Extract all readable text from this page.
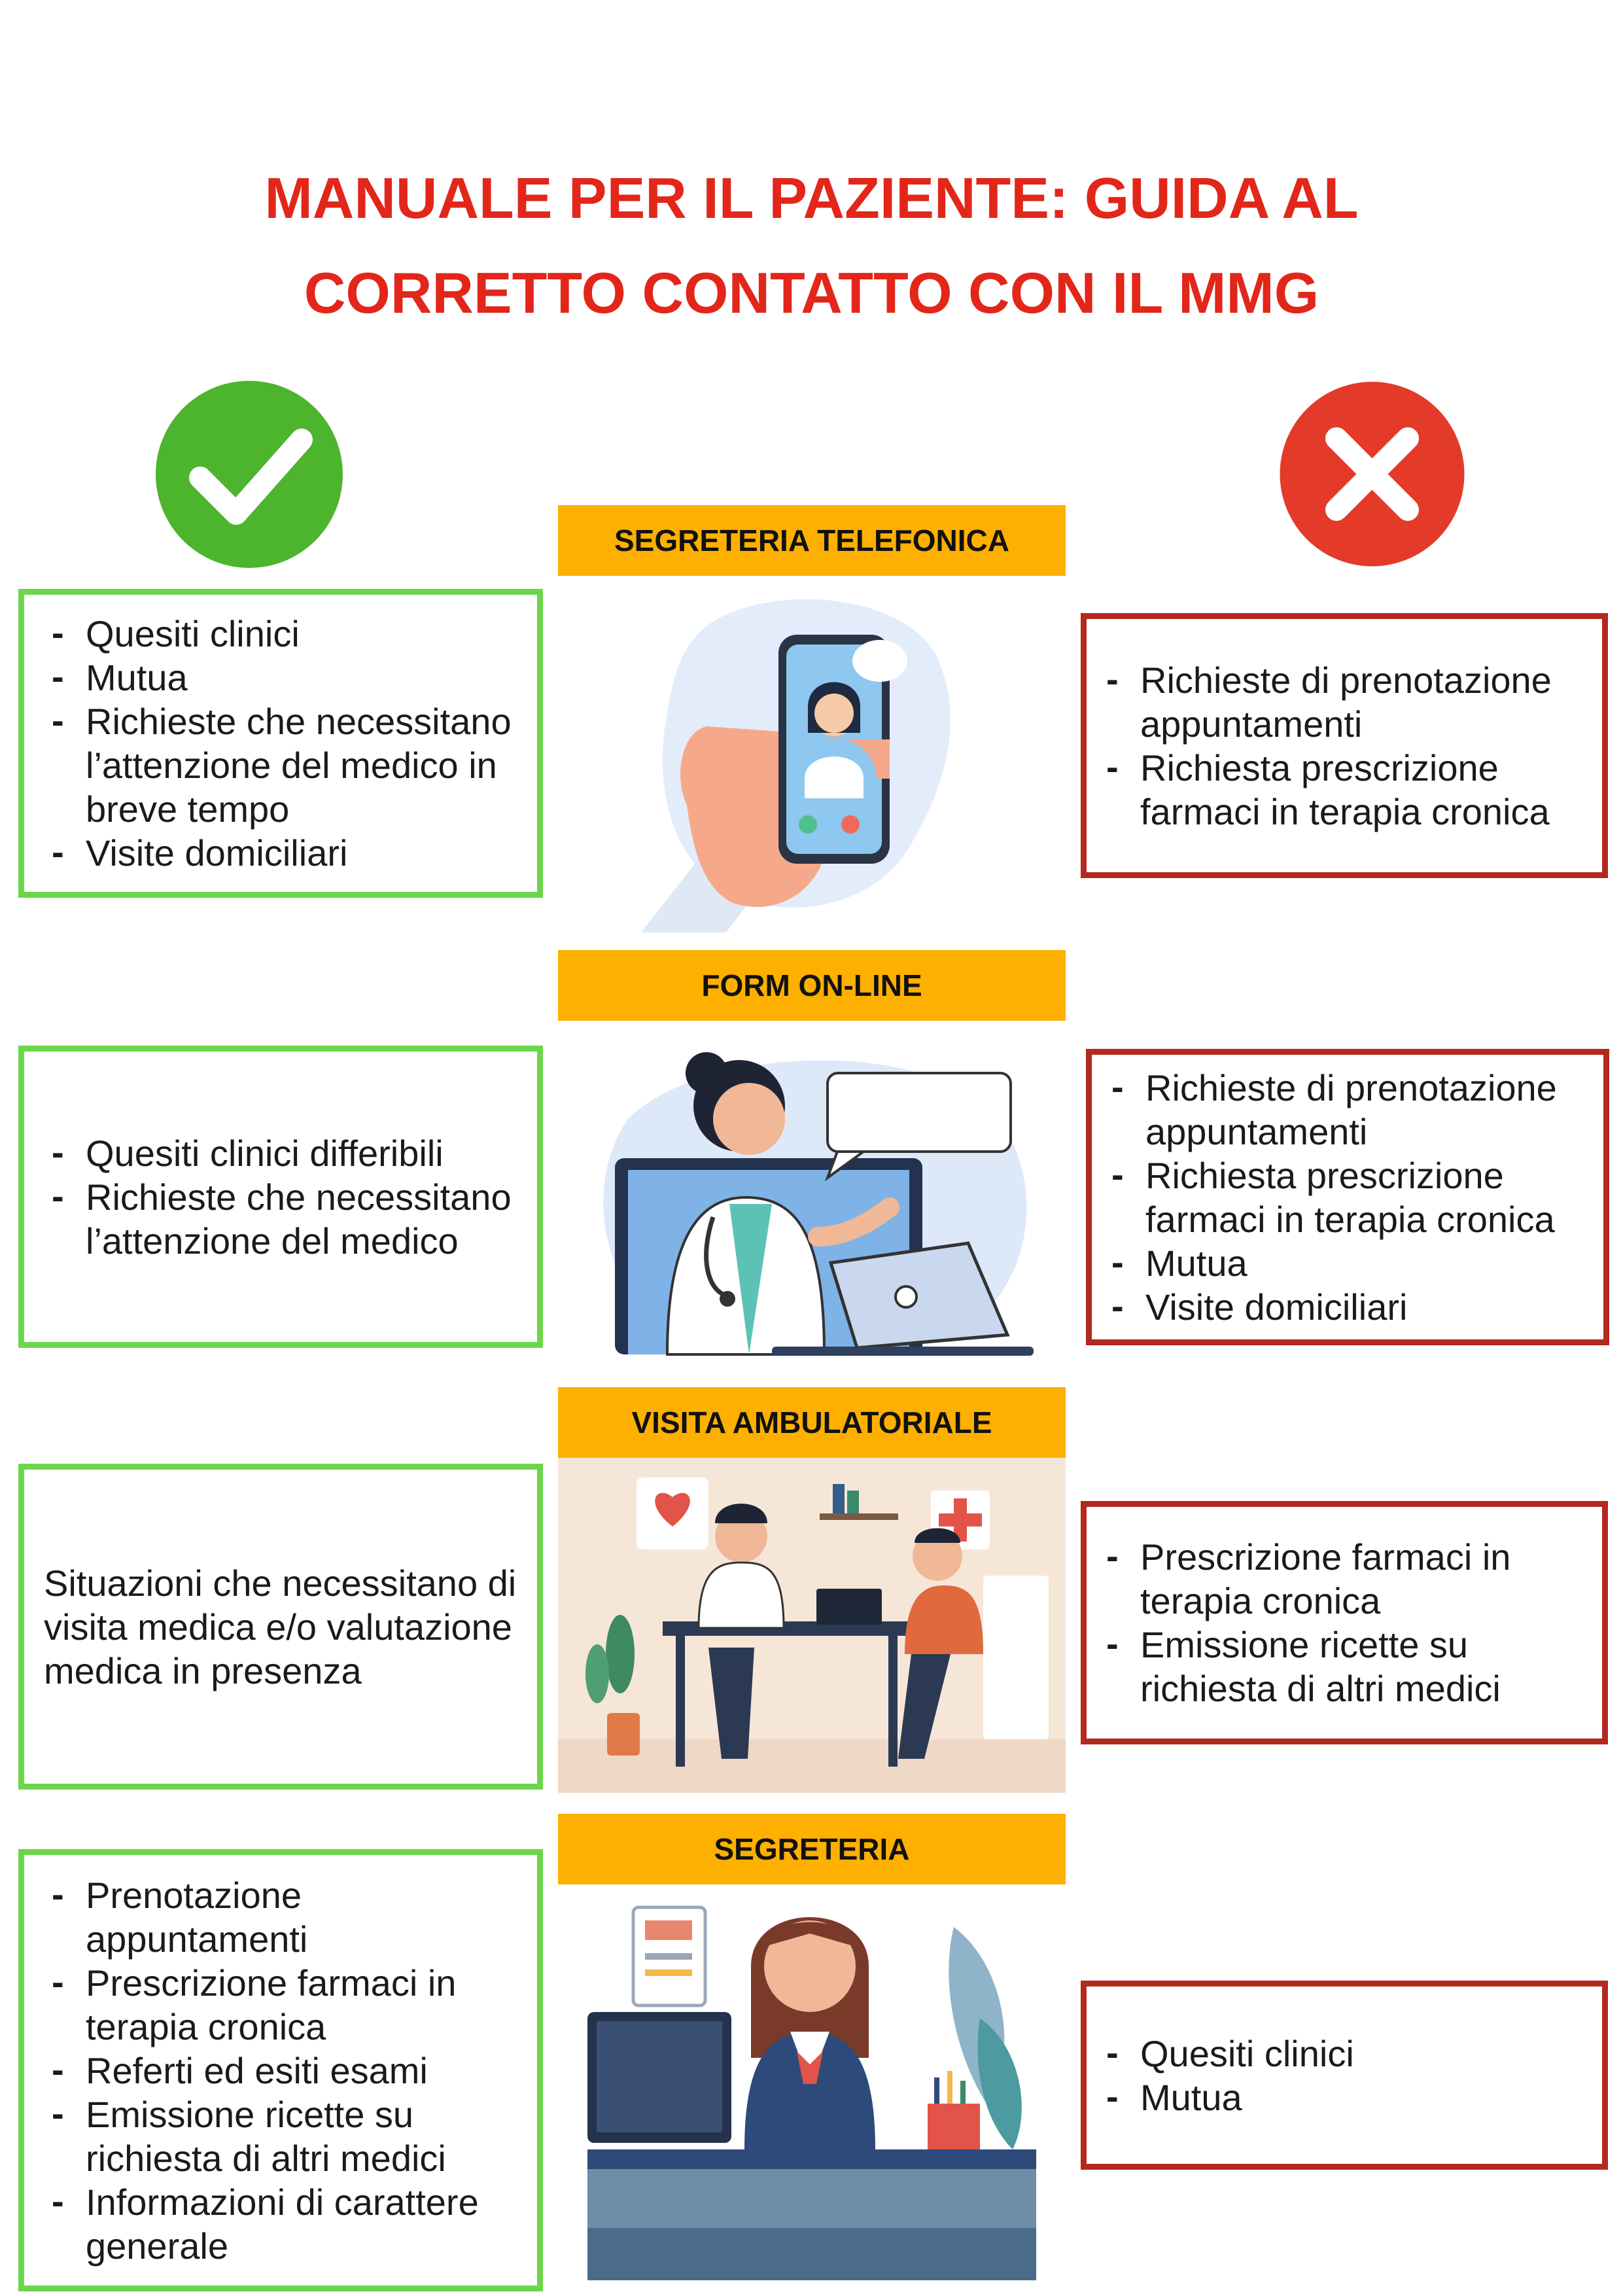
MANUALE PER IL PAZIENTE: GUIDA AL
CORRETTO CONTATTO CON IL MMG
SEGRETERIA TELEFONICA
- Quesiti clinici
- Mutua
- Richieste che necessitano l’attenzione del medico in breve tempo
- Visite domiciliari
- Richieste di prenotazione appuntamenti
- Richiesta prescrizione farmaci in terapia cronica
FORM ON-LINE
- Quesiti clinici differibili
- Richieste che necessitano l’attenzione del medico
- Richieste di prenotazione appuntamenti
- Richiesta prescrizione farmaci in terapia cronica
- Mutua
- Visite domiciliari
VISITA AMBULATORIALE

Situazioni che necessitano di visita medica e/o valutazione medica in presenza

- Prescrizione farmaci in terapia cronica
- Emissione ricette su richiesta di altri medici
SEGRETERIA
- Prenotazione appuntamenti
- Prescrizione farmaci in terapia cronica
- Referti ed esiti esami
- Emissione ricette su richiesta di altri medici
- Informazioni di carattere generale
- Quesiti clinici
- Mutua
